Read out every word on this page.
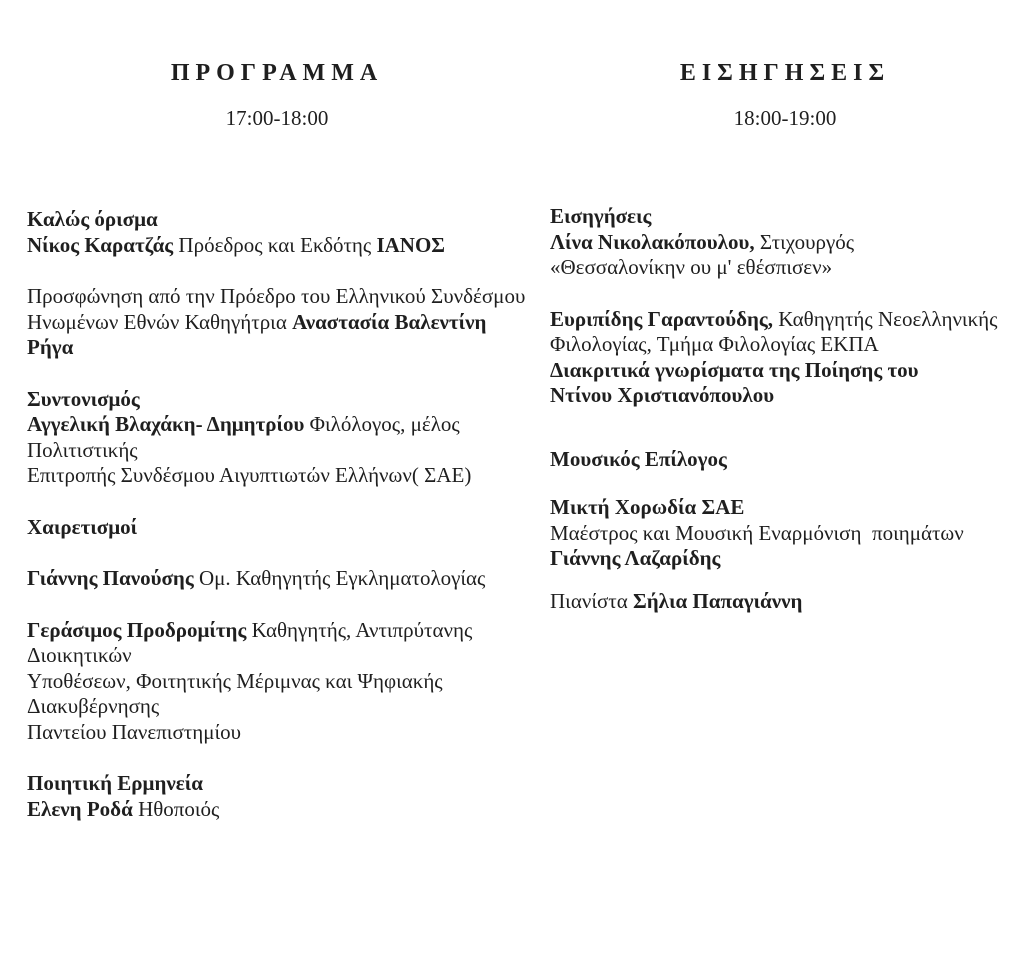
ΠΡΟΓΡΑΜΜΑ
17:00-18:00

Καλώς όρισμα
Νίκος Καρατζάς Πρόεδρος και Εκδότης ΙΑΝΟΣ

Προσφώνηση από την Πρόεδρο του Ελληνικού Συνδέσμου
Ηνωμένων Εθνών Καθηγήτρια Αναστασία Βαλεντίνη Ρήγα

Συντονισμός
Αγγελική Βλαχάκη- Δημητρίου Φιλόλογος, μέλος Πολιτιστικής
Επιτροπής Συνδέσμου Αιγυπτιωτών Ελλήνων( ΣΑΕ)

Χαιρετισμοί

Γιάννης Πανούσης Ομ. Καθηγητής Εγκληματολογίας

Γεράσιμος Προδρομίτης Καθηγητής, Αντιπρύτανης Διοικητικών
Υποθέσεων, Φοιτητικής Μέριμνας και Ψηφιακής Διακυβέρνησης
Παντείου Πανεπιστημίου

Ποιητική Ερμηνεία
Ελενη Ροδά Ηθοποιός

ΕΙΣΗΓΗΣΕΙΣ
18:00-19:00

Εισηγήσεις
Λίνα Νικολακόπουλου, Στιχουργός
«Θεσσαλονίκην ου μ' εθέσπισεν»

Ευριπίδης Γαραντούδης, Καθηγητής Νεοελληνικής
Φιλολογίας, Τμήμα Φιλολογίας ΕΚΠΑ
Διακριτικά γνωρίσματα της Ποίησης του
Ντίνου Χριστιανόπουλου

Μουσικός Επίλογος

Μικτή Χορωδία ΣΑΕ
Μαέστρος και Μουσική Εναρμόνιση  ποιημάτων
Γιάννης Λαζαρίδης

Πιανίστα Σήλια Παπαγιάννη
